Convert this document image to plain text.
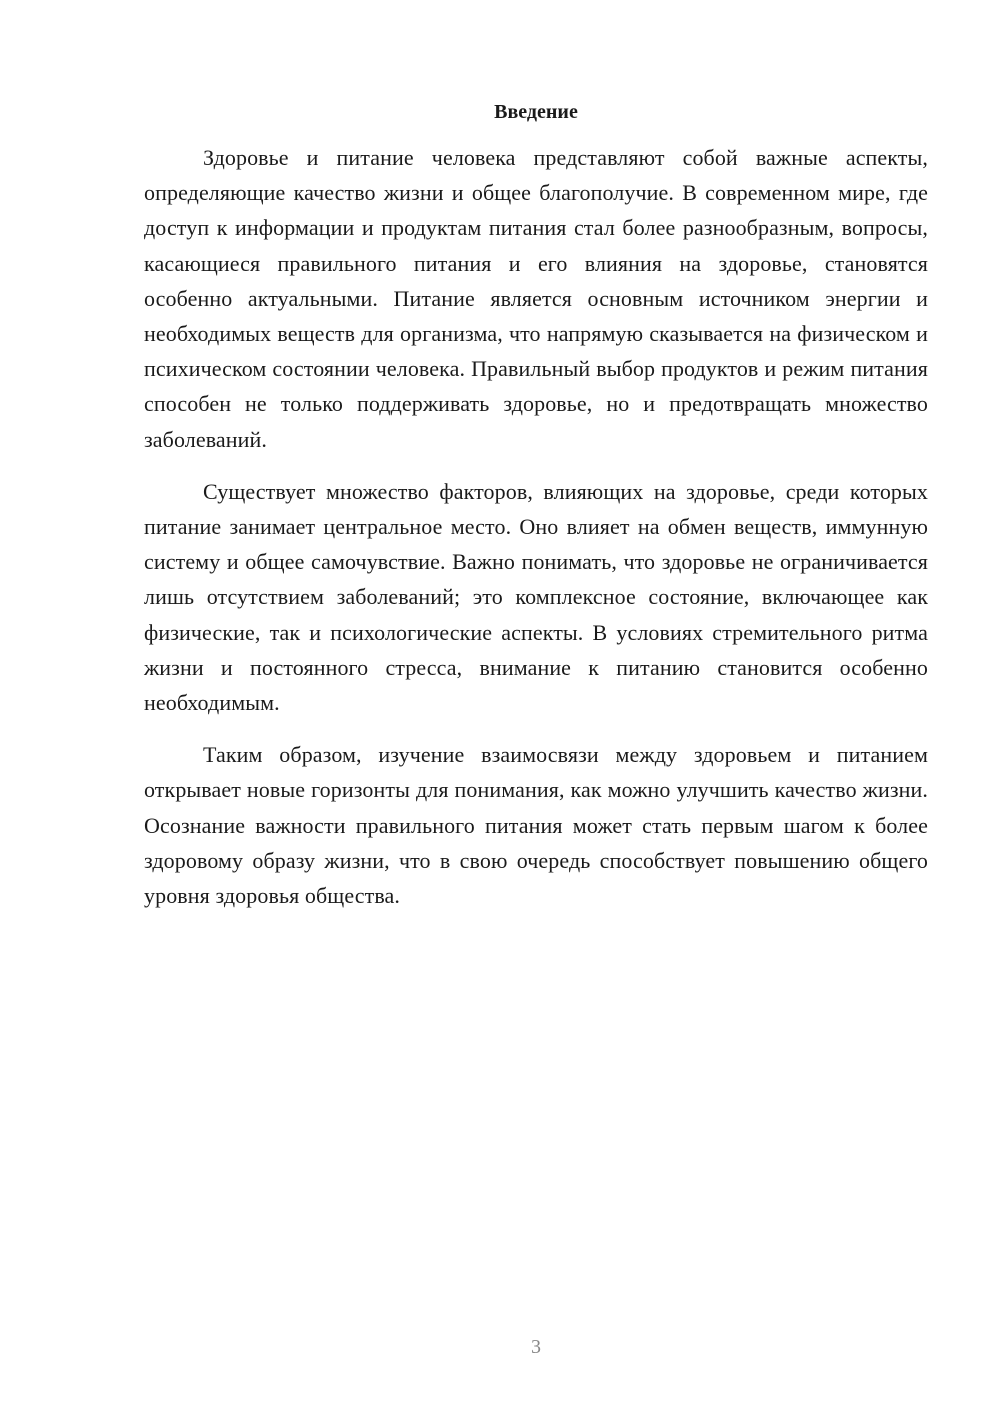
Введение

Здоровье и питание человека представляют собой важные аспекты, определяющие качество жизни и общее благополучие. В современном мире, где доступ к информации и продуктам питания стал более разнообразным, вопросы, касающиеся правильного питания и его влияния на здоровье, становятся особенно актуальными. Питание является основным источником энергии и необходимых веществ для организма, что напрямую сказывается на физическом и психическом состоянии человека. Правильный выбор продуктов и режим питания способен не только поддерживать здоровье, но и предотвращать множество заболеваний.

Существует множество факторов, влияющих на здоровье, среди которых питание занимает центральное место. Оно влияет на обмен веществ, иммунную систему и общее самочувствие. Важно понимать, что здоровье не ограничивается лишь отсутствием заболеваний; это комплексное состояние, включающее как физические, так и психологические аспекты. В условиях стремительного ритма жизни и постоянного стресса, внимание к питанию становится особенно необходимым.

Таким образом, изучение взаимосвязи между здоровьем и питанием открывает новые горизонты для понимания, как можно улучшить качество жизни. Осознание важности правильного питания может стать первым шагом к более здоровому образу жизни, что в свою очередь способствует повышению общего уровня здоровья общества.

3
